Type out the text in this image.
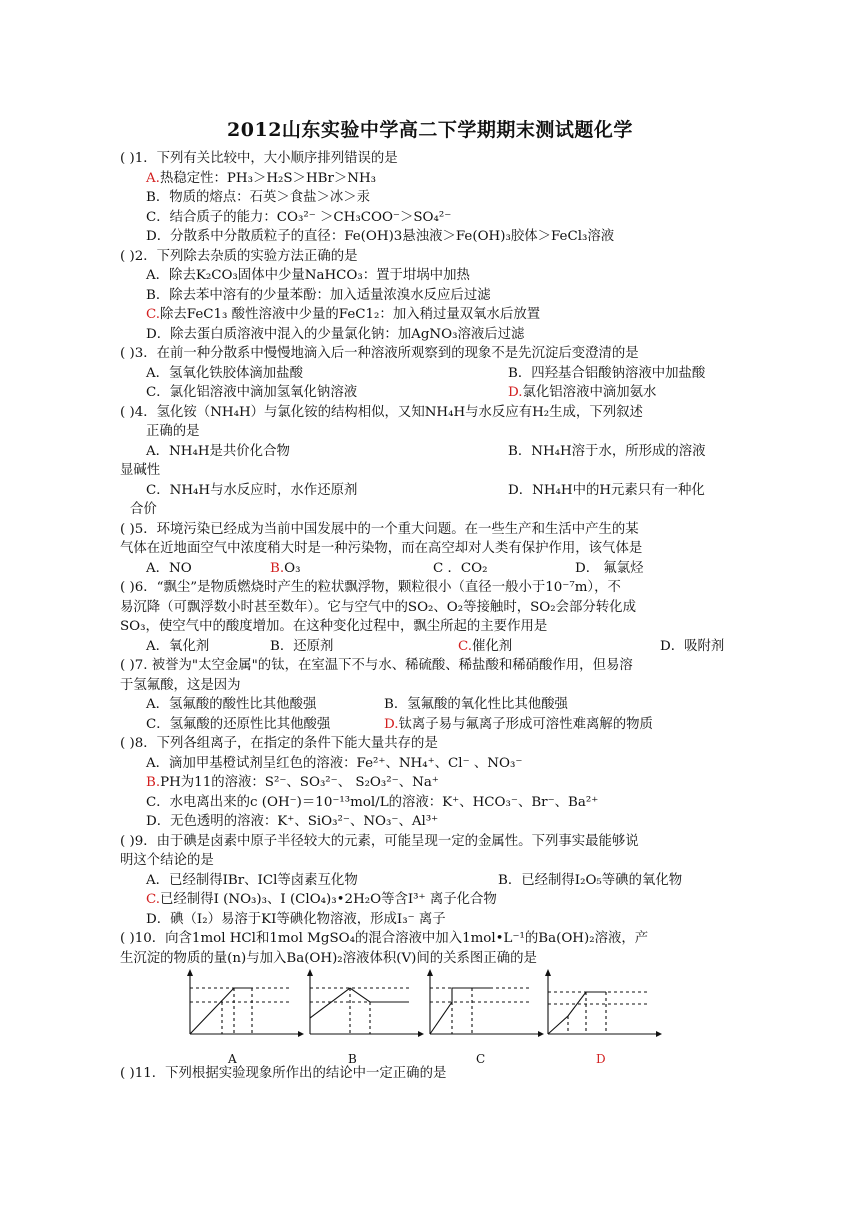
2012山东实验中学高二下学期期末测试题化学
( )1．下列有关比较中，大小顺序排列错误的是
A.热稳定性：PH₃＞H₂S＞HBr＞NH₃
B．物质的熔点：石英＞食盐＞冰＞汞
C．结合质子的能力：CO₃²⁻ ＞CH₃COO⁻＞SO₄²⁻
D．分散系中分散质粒子的直径：Fe(OH)3悬浊液＞Fe(OH)₃胶体＞FeCl₃溶液
( )2．下列除去杂质的实验方法正确的是
A．除去K₂CO₃固体中少量NaHCO₃：置于坩埚中加热
B．除去苯中溶有的少量苯酚：加入适量浓溴水反应后过滤
C.除去FeC1₃ 酸性溶液中少量的FeC1₂：加入稍过量双氧水后放置
D．除去蛋白质溶液中混入的少量氯化钠：加AgNO₃溶液后过滤
( )3．在前一种分散系中慢慢地滴入后一种溶液所观察到的现象不是先沉淀后变澄清的是
A．氢氧化铁胶体滴加盐酸	B．四羟基合铝酸钠溶液中加盐酸
C．氯化铝溶液中滴加氢氧化钠溶液	D.氯化铝溶液中滴加氨水
( )4．氢化铵（NH₄H）与氯化铵的结构相似，又知NH₄H与水反应有H₂生成，下列叙述
正确的是
A．NH₄H是共价化合物	B．NH₄H溶于水，所形成的溶液
显碱性
C．NH₄H与水反应时，水作还原剂	D．NH₄H中的H元素只有一种化
合价
( )5．环境污染已经成为当前中国发展中的一个重大问题。在一些生产和生活中产生的某
气体在近地面空气中浓度稍大时是一种污染物，而在高空却对人类有保护作用，该气体是
A．NO	B.O₃	C ．CO₂	D． 氟氯烃
( )6．“飘尘”是物质燃烧时产生的粒状飘浮物，颗粒很小（直径一般小于10⁻⁷m），不
易沉降（可飘浮数小时甚至数年）。它与空气中的SO₂、O₂等接触时，SO₂会部分转化成
SO₃，使空气中的酸度增加。在这种变化过程中，飘尘所起的主要作用是
A．氧化剂	B．还原剂	C.催化剂	D．吸附剂
( )7. 被誉为"太空金属"的钛，在室温下不与水、稀硫酸、稀盐酸和稀硝酸作用，但易溶
于氢氟酸，这是因为
A．氢氟酸的酸性比其他酸强	B．氢氟酸的氧化性比其他酸强
C．氢氟酸的还原性比其他酸强	D.钛离子易与氟离子形成可溶性难离解的物质
( )8．下列各组离子，在指定的条件下能大量共存的是
A．滴加甲基橙试剂呈红色的溶液：Fe²⁺、NH₄⁺、Cl⁻ 、NO₃⁻
B.PH为11的溶液：S²⁻、SO₃²⁻、 S₂O₃²⁻、Na⁺
C．水电离出来的c (OH⁻)＝10⁻¹³mol/L的溶液：K⁺、HCO₃⁻、Br⁻、Ba²⁺
D．无色透明的溶液：K⁺、SiO₃²⁻、NO₃⁻、Al³⁺
( )9．由于碘是卤素中原子半径较大的元素，可能呈现一定的金属性。下列事实最能够说
明这个结论的是
A．已经制得IBr、ICl等卤素互化物	B．已经制得I₂O₅等碘的氧化物
C.已经制得I (NO₃)₃、I (ClO₄)₃•2H₂O等含I³⁺ 离子化合物
D．碘（I₂）易溶于KI等碘化物溶液，形成I₃⁻ 离子
( )10．向含1mol HCl和1mol MgSO₄的混合溶液中加入1mol•L⁻¹的Ba(OH)₂溶液，产
生沉淀的物质的量(n)与加入Ba(OH)₂溶液体积(V)间的关系图正确的是
A	B	C	D
( )11．下列根据实验现象所作出的结论中一定正确的是
